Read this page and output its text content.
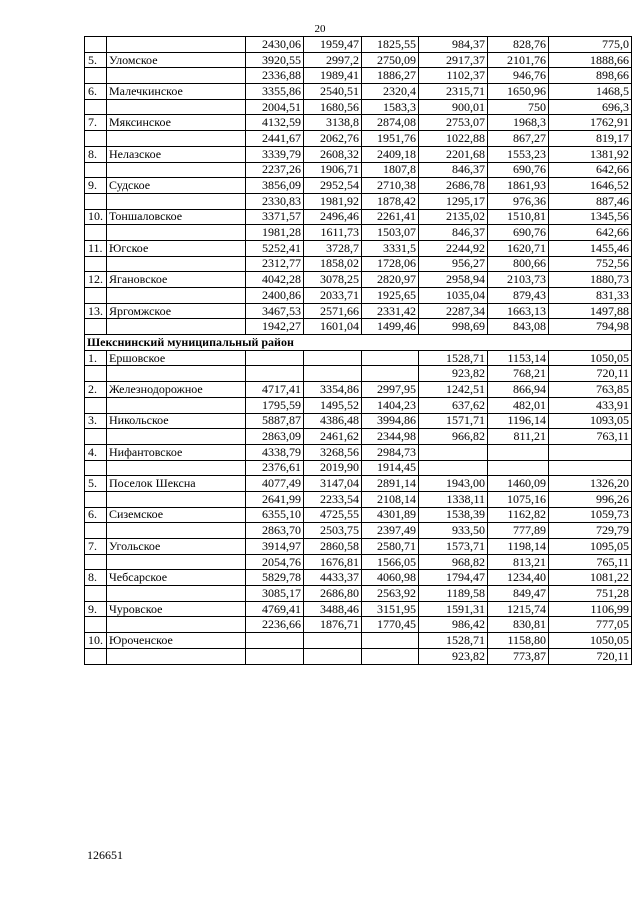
20
		2430,06	1959,47	1825,55	984,37	828,76	775,0
5.	Уломское	3920,55	2997,2	2750,09	2917,37	2101,76	1888,66
		2336,88	1989,41	1886,27	1102,37	946,76	898,66
6.	Малечкинское	3355,86	2540,51	2320,4	2315,71	1650,96	1468,5
		2004,51	1680,56	1583,3	900,01	750	696,3
7.	Мяксинское	4132,59	3138,8	2874,08	2753,07	1968,3	1762,91
		2441,67	2062,76	1951,76	1022,88	867,27	819,17
8.	Нелазское	3339,79	2608,32	2409,18	2201,68	1553,23	1381,92
		2237,26	1906,71	1807,8	846,37	690,76	642,66
9.	Судское	3856,09	2952,54	2710,38	2686,78	1861,93	1646,52
		2330,83	1981,92	1878,42	1295,17	976,36	887,46
10.	Тоншаловское	3371,57	2496,46	2261,41	2135,02	1510,81	1345,56
		1981,28	1611,73	1503,07	846,37	690,76	642,66
11.	Югское	5252,41	3728,7	3331,5	2244,92	1620,71	1455,46
		2312,77	1858,02	1728,06	956,27	800,66	752,56
12.	Ягановское	4042,28	3078,25	2820,97	2958,94	2103,73	1880,73
		2400,86	2033,71	1925,65	1035,04	879,43	831,33
13.	Яргомжское	3467,53	2571,66	2331,42	2287,34	1663,13	1497,88
		1942,27	1601,04	1499,46	998,69	843,08	794,98
Шекснинский муниципальный район							
1.	Ершовское				1528,71	1153,14	1050,05
					923,82	768,21	720,11
2.	Железнодорожное	4717,41	3354,86	2997,95	1242,51	866,94	763,85
		1795,59	1495,52	1404,23	637,62	482,01	433,91
3.	Никольское	5887,87	4386,48	3994,86	1571,71	1196,14	1093,05
		2863,09	2461,62	2344,98	966,82	811,21	763,11
4.	Нифантовское	4338,79	3268,56	2984,73			
		2376,61	2019,90	1914,45			
5.	Поселок Шексна	4077,49	3147,04	2891,14	1943,00	1460,09	1326,20
		2641,99	2233,54	2108,14	1338,11	1075,16	996,26
6.	Сиземское	6355,10	4725,55	4301,89	1538,39	1162,82	1059,73
		2863,70	2503,75	2397,49	933,50	777,89	729,79
7.	Угольское	3914,97	2860,58	2580,71	1573,71	1198,14	1095,05
		2054,76	1676,81	1566,05	968,82	813,21	765,11
8.	Чебсарское	5829,78	4433,37	4060,98	1794,47	1234,40	1081,22
		3085,17	2686,80	2563,92	1189,58	849,47	751,28
9.	Чуровское	4769,41	3488,46	3151,95	1591,31	1215,74	1106,99
		2236,66	1876,71	1770,45	986,42	830,81	777,05
10.	Юроченское				1528,71	1158,80	1050,05
					923,82	773,87	720,11
126651
